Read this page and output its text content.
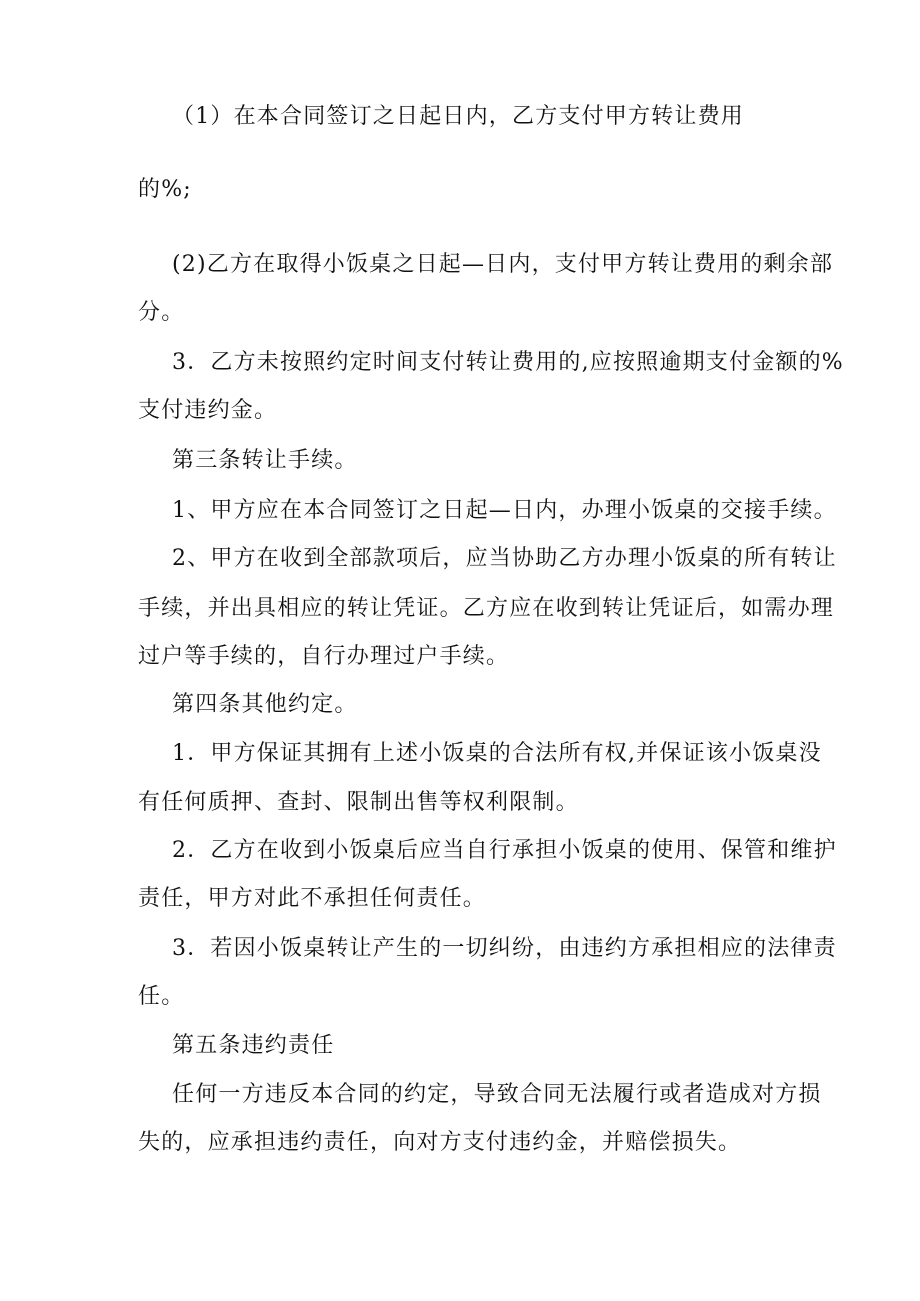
（1）在本合同签订之日起日内，乙方支付甲方转让费用
的%;
(2)乙方在取得小饭桌之日起—日内，支付甲方转让费用的剩余部
分。
3．乙方未按照约定时间支付转让费用的,应按照逾期支付金额的%
支付违约金。
第三条转让手续。
1、甲方应在本合同签订之日起—日内，办理小饭桌的交接手续。
2、甲方在收到全部款项后，应当协助乙方办理小饭桌的所有转让
手续，并出具相应的转让凭证。乙方应在收到转让凭证后，如需办理
过户等手续的，自行办理过户手续。
第四条其他约定。
1．甲方保证其拥有上述小饭桌的合法所有权,并保证该小饭桌没
有任何质押、查封、限制出售等权利限制。
2．乙方在收到小饭桌后应当自行承担小饭桌的使用、保管和维护
责任，甲方对此不承担任何责任。
3．若因小饭桌转让产生的一切纠纷，由违约方承担相应的法律责
任。
第五条违约责任
任何一方违反本合同的约定，导致合同无法履行或者造成对方损
失的，应承担违约责任，向对方支付违约金，并赔偿损失。
